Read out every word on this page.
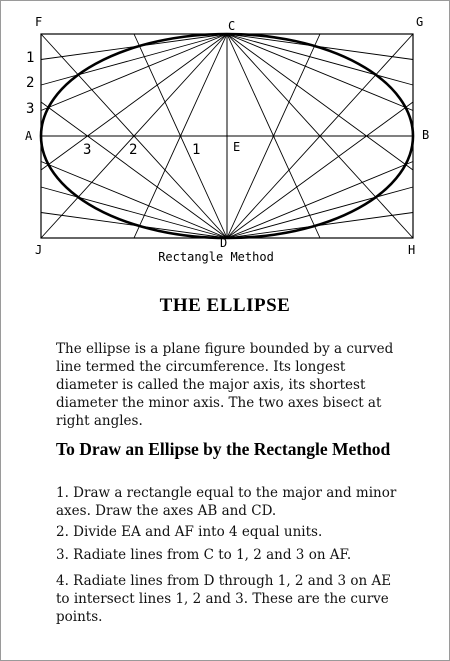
F	C	G
A	B
E
J	D	H
1
2
3
3	2	1

Rectangle Method

THE ELLIPSE

The ellipse is a plane figure bounded by a curved line termed the circumference. Its longest diameter is called the major axis, its shortest diameter the minor axis. The two axes bisect at right angles.

To Draw an Ellipse by the Rectangle Method

1. Draw a rectangle equal to the major and minor axes. Draw the axes AB and CD.

2. Divide EA and AF into 4 equal units.

3. Radiate lines from C to 1, 2 and 3 on AF.

4. Radiate lines from D through 1, 2 and 3 on AE to intersect lines 1, 2 and 3. These are the curve points.
